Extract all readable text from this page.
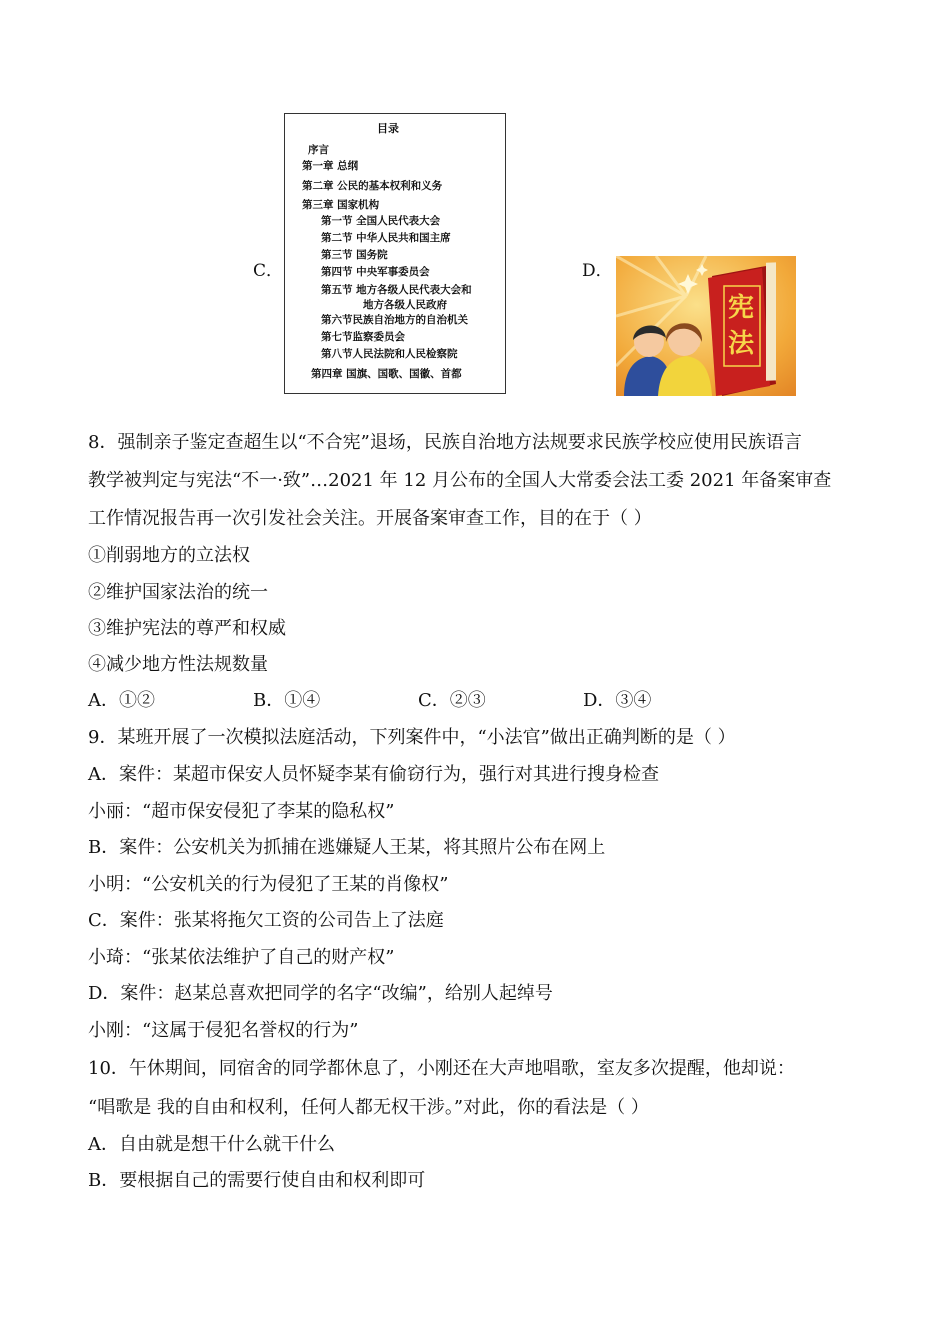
C．
目录
序言
第一章 总纲
第二章 公民的基本权利和义务
第三章 国家机构
第一节 全国人民代表大会
第二节 中华人民共和国主席
第三节 国务院
第四节 中央军事委员会
第五节 地方各级人民代表大会和
地方各级人民政府
第六节民族自治地方的自治机关
第七节监察委员会
第八节人民法院和人民检察院
第四章 国旗、国歌、国徽、首都
D．
宪
法
8．强制亲子鉴定查超生以“不合宪”退场，民族自治地方法规要求民族学校应使用民族语言
教学被判定与宪法“不一·致”…2021 年 12 月公布的全国人大常委会法工委 2021 年备案审查
工作情况报告再一次引发社会关注。开展备案审查工作，目的在于（ ）
①削弱地方的立法权
②维护国家法治的统一
③维护宪法的尊严和权威
④减少地方性法规数量
A．①②	B．①④	C．②③	D．③④
9．某班开展了一次模拟法庭活动，下列案件中，“小法官”做出正确判断的是（ ）
A．案件：某超市保安人员怀疑李某有偷窃行为，强行对其进行搜身检查
小丽：“超市保安侵犯了李某的隐私权”
B．案件：公安机关为抓捕在逃嫌疑人王某，将其照片公布在网上
小明：“公安机关的行为侵犯了王某的肖像权”
C．案件：张某将拖欠工资的公司告上了法庭
小琦：“张某依法维护了自己的财产权”
D．案件：赵某总喜欢把同学的名字“改编”，给别人起绰号
小刚：“这属于侵犯名誉权的行为”
10．午休期间，同宿舍的同学都休息了，小刚还在大声地唱歌，室友多次提醒，他却说：
“唱歌是 我的自由和权利，任何人都无权干涉。”对此，你的看法是（ ）
A．自由就是想干什么就干什么
B．要根据自己的需要行使自由和权利即可
